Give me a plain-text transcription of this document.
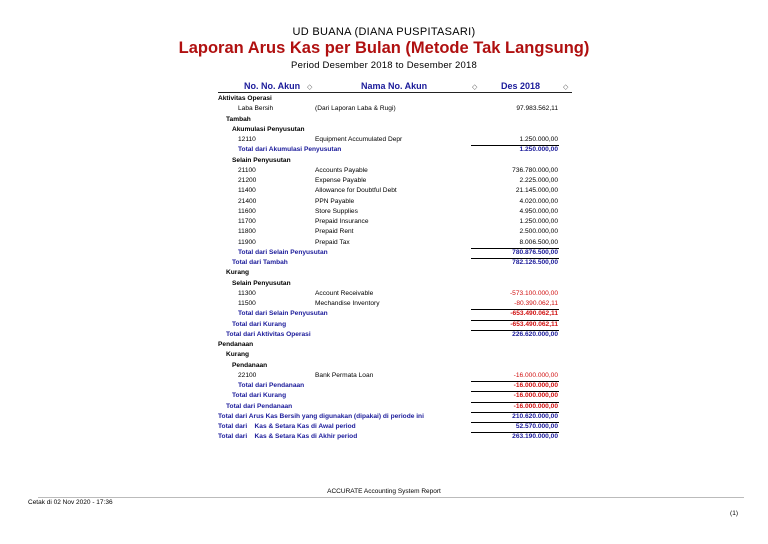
UD BUANA (DIANA PUSPITASARI)
Laporan Arus Kas per Bulan (Metode Tak Langsung)
Period Desember 2018 to Desember 2018
No. No. Akun ◇	Nama No. Akun	◇	Des 2018	◇
Aktivitas Operasi
Laba Bersih	(Dari Laporan Laba & Rugi)	97.983.562,11
Tambah
Akumulasi Penyusutan
12110	Equipment Accumulated Depr	1.250.000,00
Total dari Akumulasi Penyusutan	1.250.000,00
Selain Penyusutan
21100	Accounts Payable	736.780.000,00
21200	Expense Payable	2.225.000,00
11400	Allowance for Doubtful Debt	21.145.000,00
21400	PPN Payable	4.020.000,00
11600	Store Supplies	4.950.000,00
11700	Prepaid Insurance	1.250.000,00
11800	Prepaid Rent	2.500.000,00
11900	Prepaid Tax	8.006.500,00
Total dari Selain Penyusutan	780.876.500,00
Total dari Tambah	782.126.500,00
Kurang
Selain Penyusutan
11300	Account Receivable	-573.100.000,00
11500	Mechandise Inventory	-80.390.062,11
Total dari Selain Penyusutan	-653.490.062,11
Total dari Kurang	-653.490.062,11
Total dari Aktivitas Operasi	226.620.000,00
Pendanaan
Kurang
Pendanaan
22100	Bank Permata Loan	-16.000.000,00
Total dari Pendanaan	-16.000.000,00
Total dari Kurang	-16.000.000,00
Total dari Pendanaan	-16.000.000,00
Total dari Arus Kas Bersih yang digunakan (dipakai) di periode ini	210.620.000,00
Total dari    Kas & Setara Kas di Awal period	52.570.000,00
Total dari    Kas & Setara Kas di Akhir period	263.190.000,00
ACCURATE Accounting System Report
Cetak di 02 Nov 2020 - 17:36
(1)
